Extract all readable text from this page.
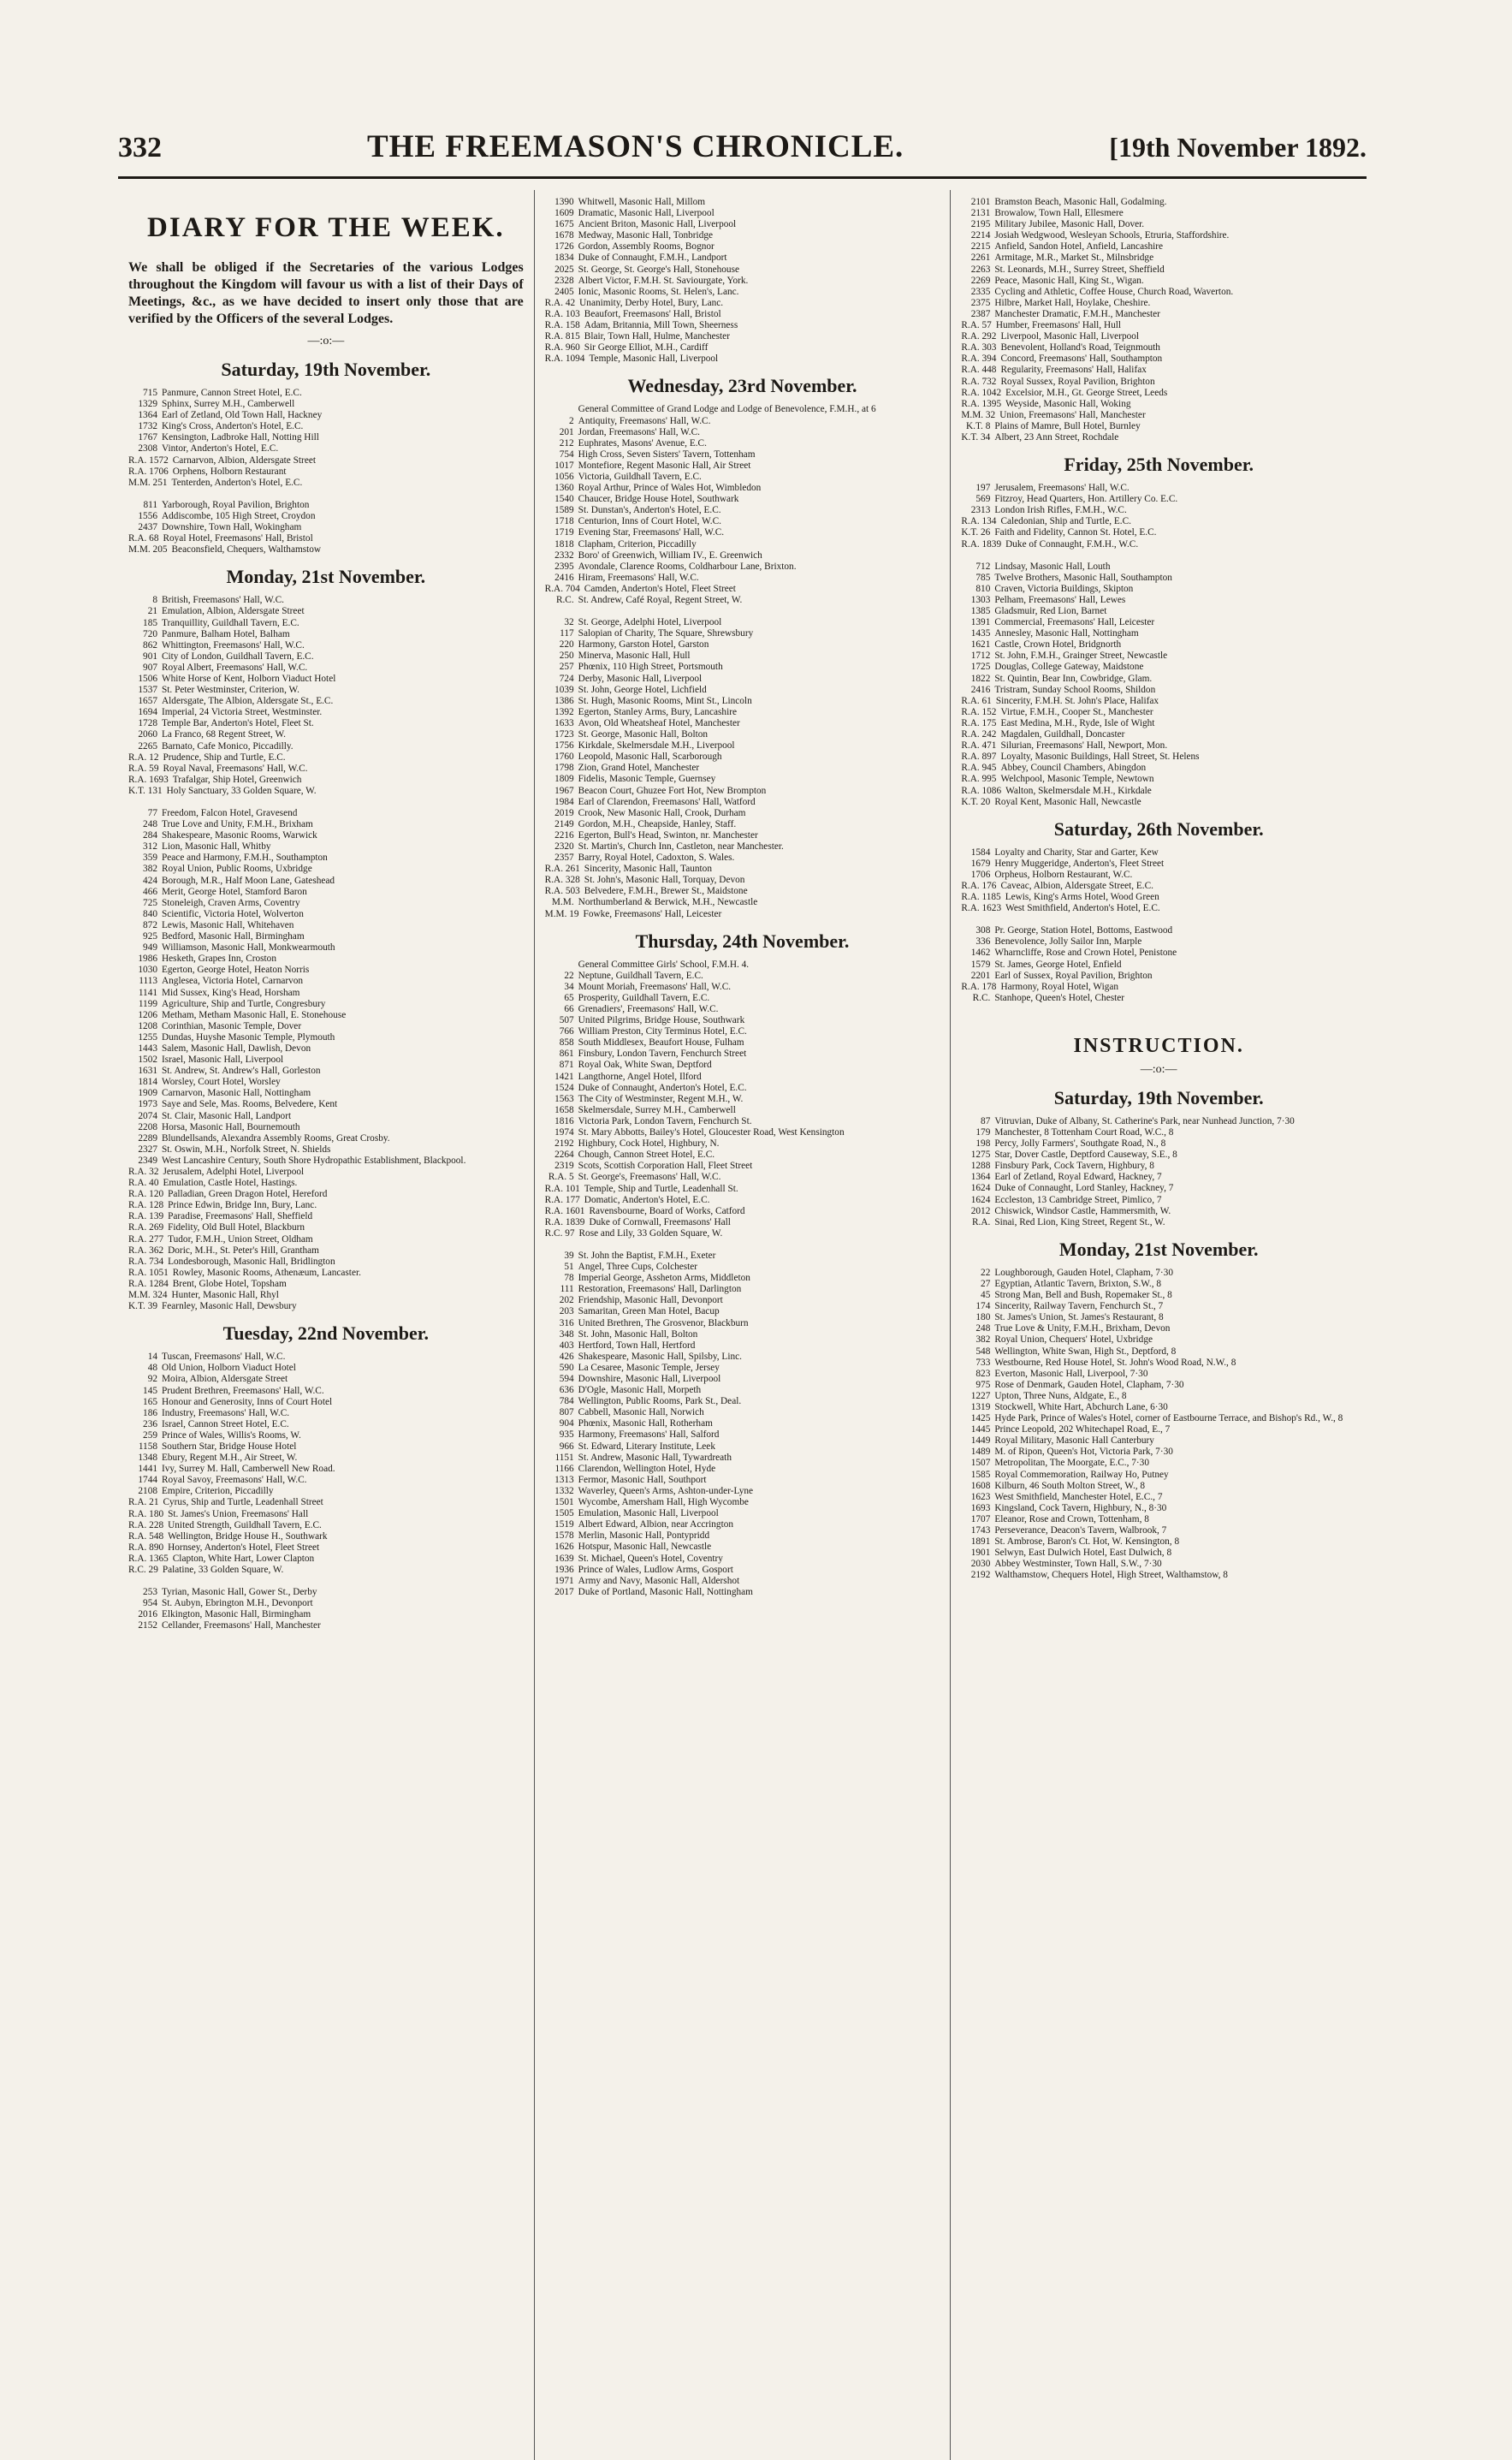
332	THE FREEMASON'S CHRONICLE.	[19th November 1892.
DIARY FOR THE WEEK.

We shall be obliged if the Secretaries of the various Lodges throughout the Kingdom will favour us with a list of their Days of Meetings, &c., as we have decided to insert only those that are verified by the Officers of the several Lodges.

—:o:—
Saturday, 19th November.
715 Panmure, Cannon Street Hotel, E.C.
1329 Sphinx, Surrey M.H., Camberwell
1364 Earl of Zetland, Old Town Hall, Hackney
1732 King's Cross, Anderton's Hotel, E.C.
1767 Kensington, Ladbroke Hall, Notting Hill
2308 Vintor, Anderton's Hotel, E.C.
R.A. 1572 Carnarvon, Albion, Aldersgate Street
R.A. 1706 Orphens, Holborn Restaurant
M.M. 251 Tenterden, Anderton's Hotel, E.C.
811 Yarborough, Royal Pavilion, Brighton
1556 Addiscombe, 105 High Street, Croydon
2437 Downshire, Town Hall, Wokingham
R.A. 68 Royal Hotel, Freemasons' Hall, Bristol
M.M. 205 Beaconsfield, Chequers, Walthamstow
Monday, 21st November.
8 British, Freemasons' Hall, W.C.
21 Emulation, Albion, Aldersgate Street
185 Tranquillity, Guildhall Tavern, E.C.
720 Panmure, Balham Hotel, Balham
862 Whittington, Freemasons' Hall, W.C.
901 City of London, Guildhall Tavern, E.C.
907 Royal Albert, Freemasons' Hall, W.C.
1506 White Horse of Kent, Holborn Viaduct Hotel
1537 St. Peter Westminster, Criterion, W.
1657 Aldersgate, The Albion, Aldersgate St., E.C.
1694 Imperial, 24 Victoria Street, Westminster.
1728 Temple Bar, Anderton's Hotel, Fleet St.
2060 La Franco, 68 Regent Street, W.
2265 Barnato, Cafe Monico, Piccadilly.
R.A. 12 Prudence, Ship and Turtle, E.C.
R.A. 59 Royal Naval, Freemasons' Hall, W.C.
R.A. 1693 Trafalgar, Ship Hotel, Greenwich
K.T. 131 Holy Sanctuary, 33 Golden Square, W.
77 Freedom, Falcon Hotel, Gravesend
248 True Love and Unity, F.M.H., Brixham
284 Shakespeare, Masonic Rooms, Warwick
312 Lion, Masonic Hall, Whitby
359 Peace and Harmony, F.M.H., Southampton
382 Royal Union, Public Rooms, Uxbridge
424 Borough, M.R., Half Moon Lane, Gateshead
466 Merit, George Hotel, Stamford Baron
725 Stoneleigh, Craven Arms, Coventry
840 Scientific, Victoria Hotel, Wolverton
872 Lewis, Masonic Hall, Whitehaven
925 Bedford, Masonic Hall, Birmingham
949 Williamson, Masonic Hall, Monkwearmouth
1986 Hesketh, Grapes Inn, Croston
1030 Egerton, George Hotel, Heaton Norris
1113 Anglesea, Victoria Hotel, Carnarvon
1141 Mid Sussex, King's Head, Horsham
1199 Agriculture, Ship and Turtle, Congresbury
1206 Metham, Metham Masonic Hall, E. Stonehouse
1208 Corinthian, Masonic Temple, Dover
1255 Dundas, Huyshe Masonic Temple, Plymouth
1443 Salem, Masonic Hall, Dawlish, Devon
1502 Israel, Masonic Hall, Liverpool
1631 St. Andrew, St. Andrew's Hall, Gorleston
1814 Worsley, Court Hotel, Worsley
1909 Carnarvon, Masonic Hall, Nottingham
1973 Saye and Sele, Mas. Rooms, Belvedere, Kent
2074 St. Clair, Masonic Hall, Landport
2208 Horsa, Masonic Hall, Bournemouth
2289 Blundellsands, Alexandra Assembly Rooms, Great Crosby.
2327 St. Oswin, M.H., Norfolk Street, N. Shields
2349 West Lancashire Century, South Shore Hydropathic Establishment, Blackpool.
R.A. 32 Jerusalem, Adelphi Hotel, Liverpool
R.A. 40 Emulation, Castle Hotel, Hastings.
R.A. 120 Palladian, Green Dragon Hotel, Hereford
R.A. 128 Prince Edwin, Bridge Inn, Bury, Lanc.
R.A. 139 Paradise, Freemasons' Hall, Sheffield
R.A. 269 Fidelity, Old Bull Hotel, Blackburn
R.A. 277 Tudor, F.M.H., Union Street, Oldham
R.A. 362 Doric, M.H., St. Peter's Hill, Grantham
R.A. 734 Londesborough, Masonic Hall, Bridlington
R.A. 1051 Rowley, Masonic Rooms, Athenæum, Lancaster.
R.A. 1284 Brent, Globe Hotel, Topsham
M.M. 324 Hunter, Masonic Hall, Rhyl
K.T. 39 Fearnley, Masonic Hall, Dewsbury
Tuesday, 22nd November.
14 Tuscan, Freemasons' Hall, W.C.
48 Old Union, Holborn Viaduct Hotel
92 Moira, Albion, Aldersgate Street
145 Prudent Brethren, Freemasons' Hall, W.C.
165 Honour and Generosity, Inns of Court Hotel
186 Industry, Freemasons' Hall, W.C.
236 Israel, Cannon Street Hotel, E.C.
259 Prince of Wales, Willis's Rooms, W.
1158 Southern Star, Bridge House Hotel
1348 Ebury, Regent M.H., Air Street, W.
1441 Ivy, Surrey M. Hall, Camberwell New Road.
1744 Royal Savoy, Freemasons' Hall, W.C.
2108 Empire, Criterion, Piccadilly
R.A. 21 Cyrus, Ship and Turtle, Leadenhall Street
R.A. 180 St. James's Union, Freemasons' Hall
R.A. 228 United Strength, Guildhall Tavern, E.C.
R.A. 548 Wellington, Bridge House H., Southwark
R.A. 890 Hornsey, Anderton's Hotel, Fleet Street
R.A. 1365 Clapton, White Hart, Lower Clapton
R.C. 29 Palatine, 33 Golden Square, W.
253 Tyrian, Masonic Hall, Gower St., Derby
954 St. Aubyn, Ebrington M.H., Devonport
2016 Elkington, Masonic Hall, Birmingham
2152 Cellander, Freemasons' Hall, Manchester
1390 Whitwell, Masonic Hall, Millom
1609 Dramatic, Masonic Hall, Liverpool
1675 Ancient Briton, Masonic Hall, Liverpool
1678 Medway, Masonic Hall, Tonbridge
1726 Gordon, Assembly Rooms, Bognor
1834 Duke of Connaught, F.M.H., Landport
2025 St. George, St. George's Hall, Stonehouse
2328 Albert Victor, F.M.H. St. Saviourgate, York.
2405 Ionic, Masonic Rooms, St. Helen's, Lanc.
R.A. 42 Unanimity, Derby Hotel, Bury, Lanc.
R.A. 103 Beaufort, Freemasons' Hall, Bristol
R.A. 158 Adam, Britannia, Mill Town, Sheerness
R.A. 815 Blair, Town Hall, Hulme, Manchester
R.A. 960 Sir George Elliot, M.H., Cardiff
R.A. 1094 Temple, Masonic Hall, Liverpool
Wednesday, 23rd November.
General Committee of Grand Lodge and Lodge of Benevolence, F.M.H., at 6
2 Antiquity, Freemasons' Hall, W.C.
201 Jordan, Freemasons' Hall, W.C.
212 Euphrates, Masons' Avenue, E.C.
754 High Cross, Seven Sisters' Tavern, Tottenham
1017 Montefiore, Regent Masonic Hall, Air Street
1056 Victoria, Guildhall Tavern, E.C.
1360 Royal Arthur, Prince of Wales Hot, Wimbledon
1540 Chaucer, Bridge House Hotel, Southwark
1589 St. Dunstan's, Anderton's Hotel, E.C.
1718 Centurion, Inns of Court Hotel, W.C.
1719 Evening Star, Freemasons' Hall, W.C.
1818 Clapham, Criterion, Piccadilly
2332 Boro' of Greenwich, William IV., E. Greenwich
2395 Avondale, Clarence Rooms, Coldharbour Lane, Brixton.
2416 Hiram, Freemasons' Hall, W.C.
R.A. 704 Camden, Anderton's Hotel, Fleet Street
R.C. St. Andrew, Café Royal, Regent Street, W.
32 St. George, Adelphi Hotel, Liverpool
117 Salopian of Charity, The Square, Shrewsbury
220 Harmony, Garston Hotel, Garston
250 Minerva, Masonic Hall, Hull
257 Phœnix, 110 High Street, Portsmouth
724 Derby, Masonic Hall, Liverpool
1039 St. John, George Hotel, Lichfield
1386 St. Hugh, Masonic Rooms, Mint St., Lincoln
1392 Egerton, Stanley Arms, Bury, Lancashire
1633 Avon, Old Wheatsheaf Hotel, Manchester
1723 St. George, Masonic Hall, Bolton
1756 Kirkdale, Skelmersdale M.H., Liverpool
1760 Leopold, Masonic Hall, Scarborough
1798 Zion, Grand Hotel, Manchester
1809 Fidelis, Masonic Temple, Guernsey
1967 Beacon Court, Ghuzee Fort Hot, New Brompton
1984 Earl of Clarendon, Freemasons' Hall, Watford
2019 Crook, New Masonic Hall, Crook, Durham
2149 Gordon, M.H., Cheapside, Hanley, Staff.
2216 Egerton, Bull's Head, Swinton, nr. Manchester
2320 St. Martin's, Church Inn, Castleton, near Manchester.
2357 Barry, Royal Hotel, Cadoxton, S. Wales.
R.A. 261 Sincerity, Masonic Hall, Taunton
R.A. 328 St. John's, Masonic Hall, Torquay, Devon
R.A. 503 Belvedere, F.M.H., Brewer St., Maidstone
M.M. Northumberland & Berwick, M.H., Newcastle
M.M. 19 Fowke, Freemasons' Hall, Leicester
Thursday, 24th November.
General Committee Girls' School, F.M.H. 4.
22 Neptune, Guildhall Tavern, E.C.
34 Mount Moriah, Freemasons' Hall, W.C.
65 Prosperity, Guildhall Tavern, E.C.
66 Grenadiers', Freemasons' Hall, W.C.
507 United Pilgrims, Bridge House, Southwark
766 William Preston, City Terminus Hotel, E.C.
858 South Middlesex, Beaufort House, Fulham
861 Finsbury, London Tavern, Fenchurch Street
871 Royal Oak, White Swan, Deptford
1421 Langthorne, Angel Hotel, Ilford
1524 Duke of Connaught, Anderton's Hotel, E.C.
1563 The City of Westminster, Regent M.H., W.
1658 Skelmersdale, Surrey M.H., Camberwell
1816 Victoria Park, London Tavern, Fenchurch St.
1974 St. Mary Abbotts, Bailey's Hotel, Gloucester Road, West Kensington
2192 Highbury, Cock Hotel, Highbury, N.
2264 Chough, Cannon Street Hotel, E.C.
2319 Scots, Scottish Corporation Hall, Fleet Street
R.A. 5 St. George's, Freemasons' Hall, W.C.
R.A. 101 Temple, Ship and Turtle, Leadenhall St.
R.A. 177 Domatic, Anderton's Hotel, E.C.
R.A. 1601 Ravensbourne, Board of Works, Catford
R.A. 1839 Duke of Cornwall, Freemasons' Hall
R.C. 97 Rose and Lily, 33 Golden Square, W.
39 St. John the Baptist, F.M.H., Exeter
51 Angel, Three Cups, Colchester
78 Imperial George, Assheton Arms, Middleton
111 Restoration, Freemasons' Hall, Darlington
202 Friendship, Masonic Hall, Devonport
203 Samaritan, Green Man Hotel, Bacup
316 United Brethren, The Grosvenor, Blackburn
348 St. John, Masonic Hall, Bolton
403 Hertford, Town Hall, Hertford
426 Shakespeare, Masonic Hall, Spilsby, Linc.
590 La Cesaree, Masonic Temple, Jersey
594 Downshire, Masonic Hall, Liverpool
636 D'Ogle, Masonic Hall, Morpeth
784 Wellington, Public Rooms, Park St., Deal.
807 Cabbell, Masonic Hall, Norwich
904 Phœnix, Masonic Hall, Rotherham
935 Harmony, Freemasons' Hall, Salford
966 St. Edward, Literary Institute, Leek
1151 St. Andrew, Masonic Hall, Tywardreath
1166 Clarendon, Wellington Hotel, Hyde
1313 Fermor, Masonic Hall, Southport
1332 Waverley, Queen's Arms, Ashton-under-Lyne
1501 Wycombe, Amersham Hall, High Wycombe
1505 Emulation, Masonic Hall, Liverpool
1519 Albert Edward, Albion, near Accrington
1578 Merlin, Masonic Hall, Pontypridd
1626 Hotspur, Masonic Hall, Newcastle
1639 St. Michael, Queen's Hotel, Coventry
1936 Prince of Wales, Ludlow Arms, Gosport
1971 Army and Navy, Masonic Hall, Aldershot
2017 Duke of Portland, Masonic Hall, Nottingham
2101 Bramston Beach, Masonic Hall, Godalming.
2131 Browalow, Town Hall, Ellesmere
2195 Military Jubilee, Masonic Hall, Dover.
2214 Josiah Wedgwood, Wesleyan Schools, Etruria, Staffordshire.
2215 Anfield, Sandon Hotel, Anfield, Lancashire
2261 Armitage, M.R., Market St., Milnsbridge
2263 St. Leonards, M.H., Surrey Street, Sheffield
2269 Peace, Masonic Hall, King St., Wigan.
2335 Cycling and Athletic, Coffee House, Church Road, Waverton.
2375 Hilbre, Market Hall, Hoylake, Cheshire.
2387 Manchester Dramatic, F.M.H., Manchester
R.A. 57 Humber, Freemasons' Hall, Hull
R.A. 292 Liverpool, Masonic Hall, Liverpool
R.A. 303 Benevolent, Holland's Road, Teignmouth
R.A. 394 Concord, Freemasons' Hall, Southampton
R.A. 448 Regularity, Freemasons' Hall, Halifax
R.A. 732 Royal Sussex, Royal Pavilion, Brighton
R.A. 1042 Excelsior, M.H., Gt. George Street, Leeds
R.A. 1395 Weyside, Masonic Hall, Woking
M.M. 32 Union, Freemasons' Hall, Manchester
K.T. 8 Plains of Mamre, Bull Hotel, Burnley
K.T. 34 Albert, 23 Ann Street, Rochdale
Friday, 25th November.
197 Jerusalem, Freemasons' Hall, W.C.
569 Fitzroy, Head Quarters, Hon. Artillery Co. E.C.
2313 London Irish Rifles, F.M.H., W.C.
R.A. 134 Caledonian, Ship and Turtle, E.C.
K.T. 26 Faith and Fidelity, Cannon St. Hotel, E.C.
R.A. 1839 Duke of Connaught, F.M.H., W.C.
712 Lindsay, Masonic Hall, Louth
785 Twelve Brothers, Masonic Hall, Southampton
810 Craven, Victoria Buildings, Skipton
1303 Pelham, Freemasons' Hall, Lewes
1385 Gladsmuir, Red Lion, Barnet
1391 Commercial, Freemasons' Hall, Leicester
1435 Annesley, Masonic Hall, Nottingham
1621 Castle, Crown Hotel, Bridgnorth
1712 St. John, F.M.H., Grainger Street, Newcastle
1725 Douglas, College Gateway, Maidstone
1822 St. Quintin, Bear Inn, Cowbridge, Glam.
2416 Tristram, Sunday School Rooms, Shildon
R.A. 61 Sincerity, F.M.H. St. John's Place, Halifax
R.A. 152 Virtue, F.M.H., Cooper St., Manchester
R.A. 175 East Medina, M.H., Ryde, Isle of Wight
R.A. 242 Magdalen, Guildhall, Doncaster
R.A. 471 Silurian, Freemasons' Hall, Newport, Mon.
R.A. 897 Loyalty, Masonic Buildings, Hall Street, St. Helens
R.A. 945 Abbey, Council Chambers, Abingdon
R.A. 995 Welchpool, Masonic Temple, Newtown
R.A. 1086 Walton, Skelmersdale M.H., Kirkdale
K.T. 20 Royal Kent, Masonic Hall, Newcastle
Saturday, 26th November.
1584 Loyalty and Charity, Star and Garter, Kew
1679 Henry Muggeridge, Anderton's, Fleet Street
1706 Orpheus, Holborn Restaurant, W.C.
R.A. 176 Caveac, Albion, Aldersgate Street, E.C.
R.A. 1185 Lewis, King's Arms Hotel, Wood Green
R.A. 1623 West Smithfield, Anderton's Hotel, E.C.
308 Pr. George, Station Hotel, Bottoms, Eastwood
336 Benevolence, Jolly Sailor Inn, Marple
1462 Wharncliffe, Rose and Crown Hotel, Penistone
1579 St. James, George Hotel, Enfield
2201 Earl of Sussex, Royal Pavilion, Brighton
R.A. 178 Harmony, Royal Hotel, Wigan
R.C. Stanhope, Queen's Hotel, Chester
INSTRUCTION.
—:o:—
Saturday, 19th November.
87 Vitruvian, Duke of Albany, St. Catherine's Park, near Nunhead Junction, 7·30
179 Manchester, 8 Tottenham Court Road, W.C., 8
198 Percy, Jolly Farmers', Southgate Road, N., 8
1275 Star, Dover Castle, Deptford Causeway, S.E., 8
1288 Finsbury Park, Cock Tavern, Highbury, 8
1364 Earl of Zetland, Royal Edward, Hackney, 7
1624 Duke of Connaught, Lord Stanley, Hackney, 7
1624 Eccleston, 13 Cambridge Street, Pimlico, 7
2012 Chiswick, Windsor Castle, Hammersmith, W.
R.A. Sinai, Red Lion, King Street, Regent St., W.
Monday, 21st November.
22 Loughborough, Gauden Hotel, Clapham, 7·30
27 Egyptian, Atlantic Tavern, Brixton, S.W., 8
45 Strong Man, Bell and Bush, Ropemaker St., 8
174 Sincerity, Railway Tavern, Fenchurch St., 7
180 St. James's Union, St. James's Restaurant, 8
248 True Love & Unity, F.M.H., Brixham, Devon
382 Royal Union, Chequers' Hotel, Uxbridge
548 Wellington, White Swan, High St., Deptford, 8
733 Westbourne, Red House Hotel, St. John's Wood Road, N.W., 8
823 Everton, Masonic Hall, Liverpool, 7·30
975 Rose of Denmark, Gauden Hotel, Clapham, 7·30
1227 Upton, Three Nuns, Aldgate, E., 8
1319 Stockwell, White Hart, Abchurch Lane, 6·30
1425 Hyde Park, Prince of Wales's Hotel, corner of Eastbourne Terrace, and Bishop's Rd., W., 8
1445 Prince Leopold, 202 Whitechapel Road, E., 7
1449 Royal Military, Masonic Hall Canterbury
1489 M. of Ripon, Queen's Hot, Victoria Park, 7·30
1507 Metropolitan, The Moorgate, E.C., 7·30
1585 Royal Commemoration, Railway Ho, Putney
1608 Kilburn, 46 South Molton Street, W., 8
1623 West Smithfield, Manchester Hotel, E.C., 7
1693 Kingsland, Cock Tavern, Highbury, N., 8·30
1707 Eleanor, Rose and Crown, Tottenham, 8
1743 Perseverance, Deacon's Tavern, Walbrook, 7
1891 St. Ambrose, Baron's Ct. Hot, W. Kensington, 8
1901 Selwyn, East Dulwich Hotel, East Dulwich, 8
2030 Abbey Westminster, Town Hall, S.W., 7·30
2192 Walthamstow, Chequers Hotel, High Street, Walthamstow, 8
